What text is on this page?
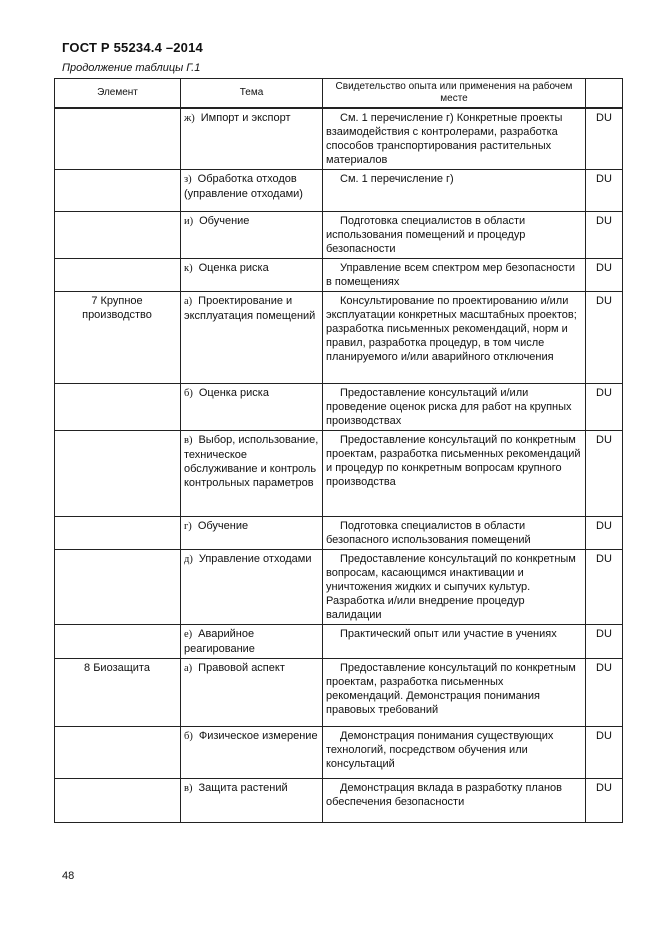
ГОСТ Р 55234.4 –2014
Продолжение таблицы Г.1
Элемент	Тема	Свидетельство опыта или применения на рабочем месте	

	ж) Импорт и экспорт	См. 1 перечисление г) Конкретные проекты взаимодействия с контролерами, разработка способов транспортирования растительных материалов	DU

	з) Обработка отходов (управление отходами)	См. 1 перечисление г)	DU

	и) Обучение	Подготовка специалистов в области использования помещений и процедур безопасности	DU

	к) Оценка риска	Управление всем спектром мер безопасности в помещениях	DU

7 Крупное производство	а) Проектирование и эксплуатация помещений	Консультирование по проектированию и/или эксплуатации конкретных масштабных проектов; разработка письменных рекомендаций, норм и правил, разработка процедур, в том числе планируемого и/или аварийного отключения	DU

	б) Оценка риска	Предоставление консультаций и/или проведение оценок риска для работ на крупных производствах	DU

	в) Выбор, использование, техническое обслуживание и контроль контрольных параметров	Предоставление консультаций по конкретным проектам, разработка письменных рекомендаций и процедур по конкретным вопросам крупного производства	DU

	г) Обучение	Подготовка специалистов в области безопасного использования помещений	DU

	д) Управление отходами	Предоставление консультаций по конкретным вопросам, касающимся инактивации и уничтожения жидких и сыпучих культур. Разработка и/или внедрение процедур валидации	DU

	е) Аварийное реагирование	Практический опыт или участие в учениях	DU

8 Биозащита	а) Правовой аспект	Предоставление консультаций по конкретным проектам, разработка письменных рекомендаций. Демонстрация понимания правовых требований	DU

	б) Физическое измерение	Демонстрация понимания существующих технологий, посредством обучения или консультаций	DU

	в) Защита растений	Демонстрация вклада в разработку планов обеспечения безопасности	DU
48
